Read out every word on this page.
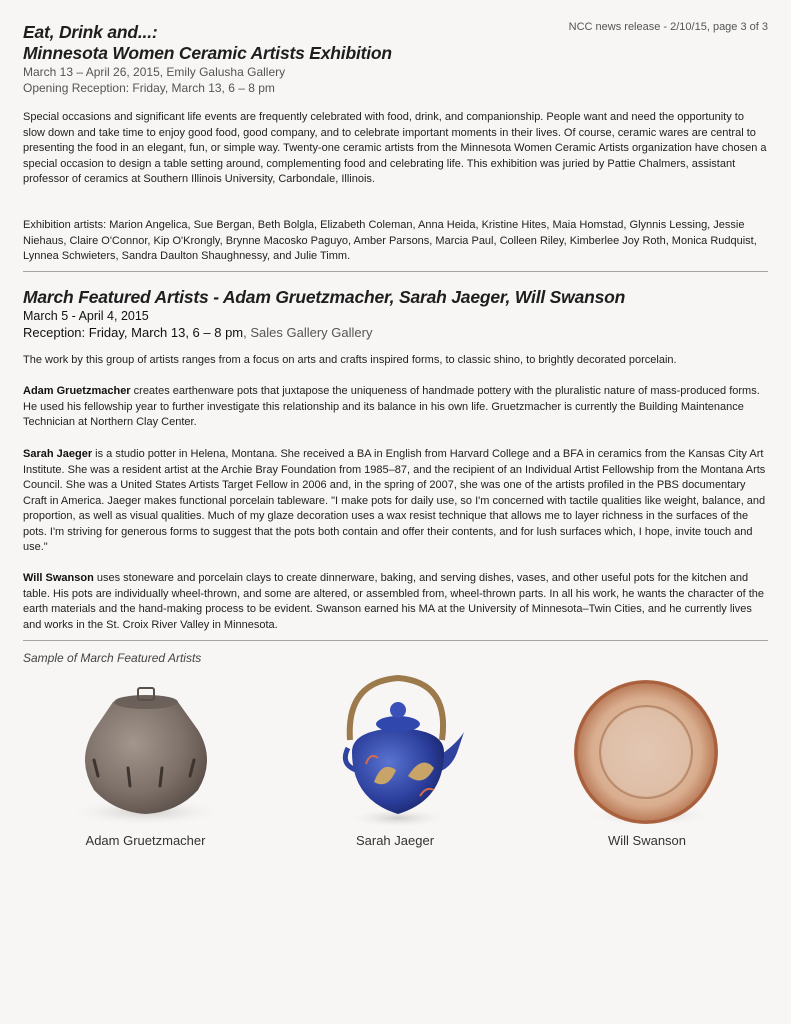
NCC news release - 2/10/15, page 3 of 3
Eat, Drink and...:
Minnesota Women Ceramic Artists Exhibition
March 13 – April 26, 2015, Emily Galusha Gallery
Opening Reception: Friday, March 13, 6 – 8 pm

Special occasions and significant life events are frequently celebrated with food, drink, and companionship. People want and need the opportunity to slow down and take time to enjoy good food, good company, and to celebrate important moments in their lives. Of course, ceramic wares are central to presenting the food in an elegant, fun, or simple way. Twenty-one ceramic artists from the Minnesota Women Ceramic Artists organization have chosen a special occasion to design a table setting around, complementing food and celebrating life. This exhibition was juried by Pattie Chalmers, assistant professor of ceramics at Southern Illinois University, Carbondale, Illinois.

Exhibition artists: Marion Angelica, Sue Bergan, Beth Bolgla, Elizabeth Coleman, Anna Heida, Kristine Hites, Maia Homstad, Glynnis Lessing, Jessie Niehaus, Claire O'Connor, Kip O'Krongly, Brynne Macosko Paguyo, Amber Parsons, Marcia Paul, Colleen Riley, Kimberlee Joy Roth, Monica Rudquist, Lynnea Schwieters, Sandra Daulton Shaughnessy, and Julie Timm.

March Featured Artists - Adam Gruetzmacher, Sarah Jaeger, Will Swanson
March 5 - April 4, 2015
Reception: Friday, March 13, 6 – 8 pm, Sales Gallery Gallery

The work by this group of artists ranges from a focus on arts and crafts inspired forms, to classic shino, to brightly decorated porcelain.

Adam Gruetzmacher creates earthenware pots that juxtapose the uniqueness of handmade pottery with the pluralistic nature of mass-produced forms. He used his fellowship year to further investigate this relationship and its balance in his own life. Gruetzmacher is currently the Building Maintenance Technician at Northern Clay Center.

Sarah Jaeger is a studio potter in Helena, Montana. She received a BA in English from Harvard College and a BFA in ceramics from the Kansas City Art Institute. She was a resident artist at the Archie Bray Foundation from 1985–87, and the recipient of an Individual Artist Fellowship from the Montana Arts Council. She was a United States Artists Target Fellow in 2006 and, in the spring of 2007, she was one of the artists profiled in the PBS documentary Craft in America. Jaeger makes functional porcelain tableware. "I make pots for daily use, so I'm concerned with tactile qualities like weight, balance, and proportion, as well as visual qualities. Much of my glaze decoration uses a wax resist technique that allows me to layer richness in the surfaces of the pots. I'm striving for generous forms to suggest that the pots both contain and offer their contents, and for lush surfaces which, I hope, invite touch and use."

Will Swanson uses stoneware and porcelain clays to create dinnerware, baking, and serving dishes, vases, and other useful pots for the kitchen and table. His pots are individually wheel-thrown, and some are altered, or assembled from, wheel-thrown parts. In all his work, he wants the character of the earth materials and the hand-making process to be evident. Swanson earned his MA at the University of Minnesota–Twin Cities, and he currently lives and works in the St. Croix River Valley in Minnesota.

Sample of March Featured Artists
Adam Gruetzmacher	Sarah Jaeger	Will Swanson
